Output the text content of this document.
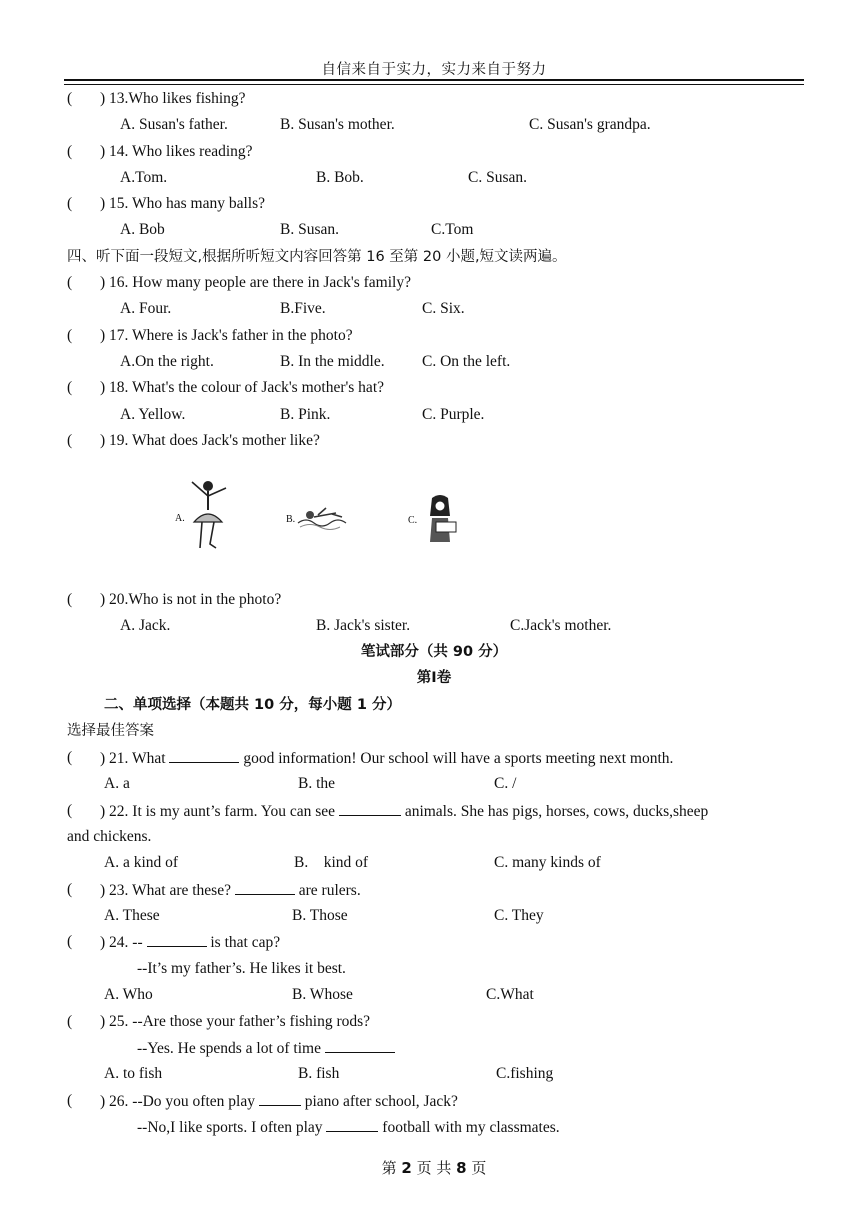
自信来自于实力，实力来自于努力
( ) 13.Who likes fishing?
A. Susan's father.	B. Susan's mother.	C. Susan's grandpa.
( ) 14. Who likes reading?
A.Tom.	B. Bob.	C. Susan.
( ) 15. Who has many balls?
A. Bob	B. Susan.	C.Tom
四、听下面一段短文,根据所听短文内容回答第 16 至第 20 小题,短文读两遍。
( ) 16. How many people are there in Jack's family?
A. Four.	B.Five.	C. Six.
( ) 17. Where is Jack's father in the photo?
A.On the right.	B. In the middle. C. On the left.
( ) 18. What's the colour of Jack's mother's hat?
A. Yellow.	B. Pink.	C. Purple.
( ) 19. What does Jack's mother like?
A.	B.	C.
( ) 20.Who is not in the photo?
A. Jack.	B. Jack's sister.	C.Jack's mother.
笔试部分（共 90 分）
第Ⅰ卷
二、单项选择（本题共 10 分，每小题 1 分）
选择最佳答案
( ) 21. What	good information! Our school will have a sports meeting next month.
A. a	B. the	C. /
( ) 22. It is my aunt’s farm. You can see	animals. She has pigs, horses, cows, ducks,sheep
and chickens.
A. a kind of	B.    kind of	C. many kinds of
( ) 23. What are these?	are rulers.
A. These	B. Those	C. They
( ) 24. --	is that cap?
--It’s my father’s. He likes it best.
A. Who	B. Whose	C.What
( ) 25. --Are those your father’s fishing rods?
--Yes. He spends a lot of time
A. to fish	B. fish	C.fishing
( ) 26. --Do you often play	piano after school, Jack?
--No,I like sports. I often play	football with my classmates.
第 2 页 共 8 页
